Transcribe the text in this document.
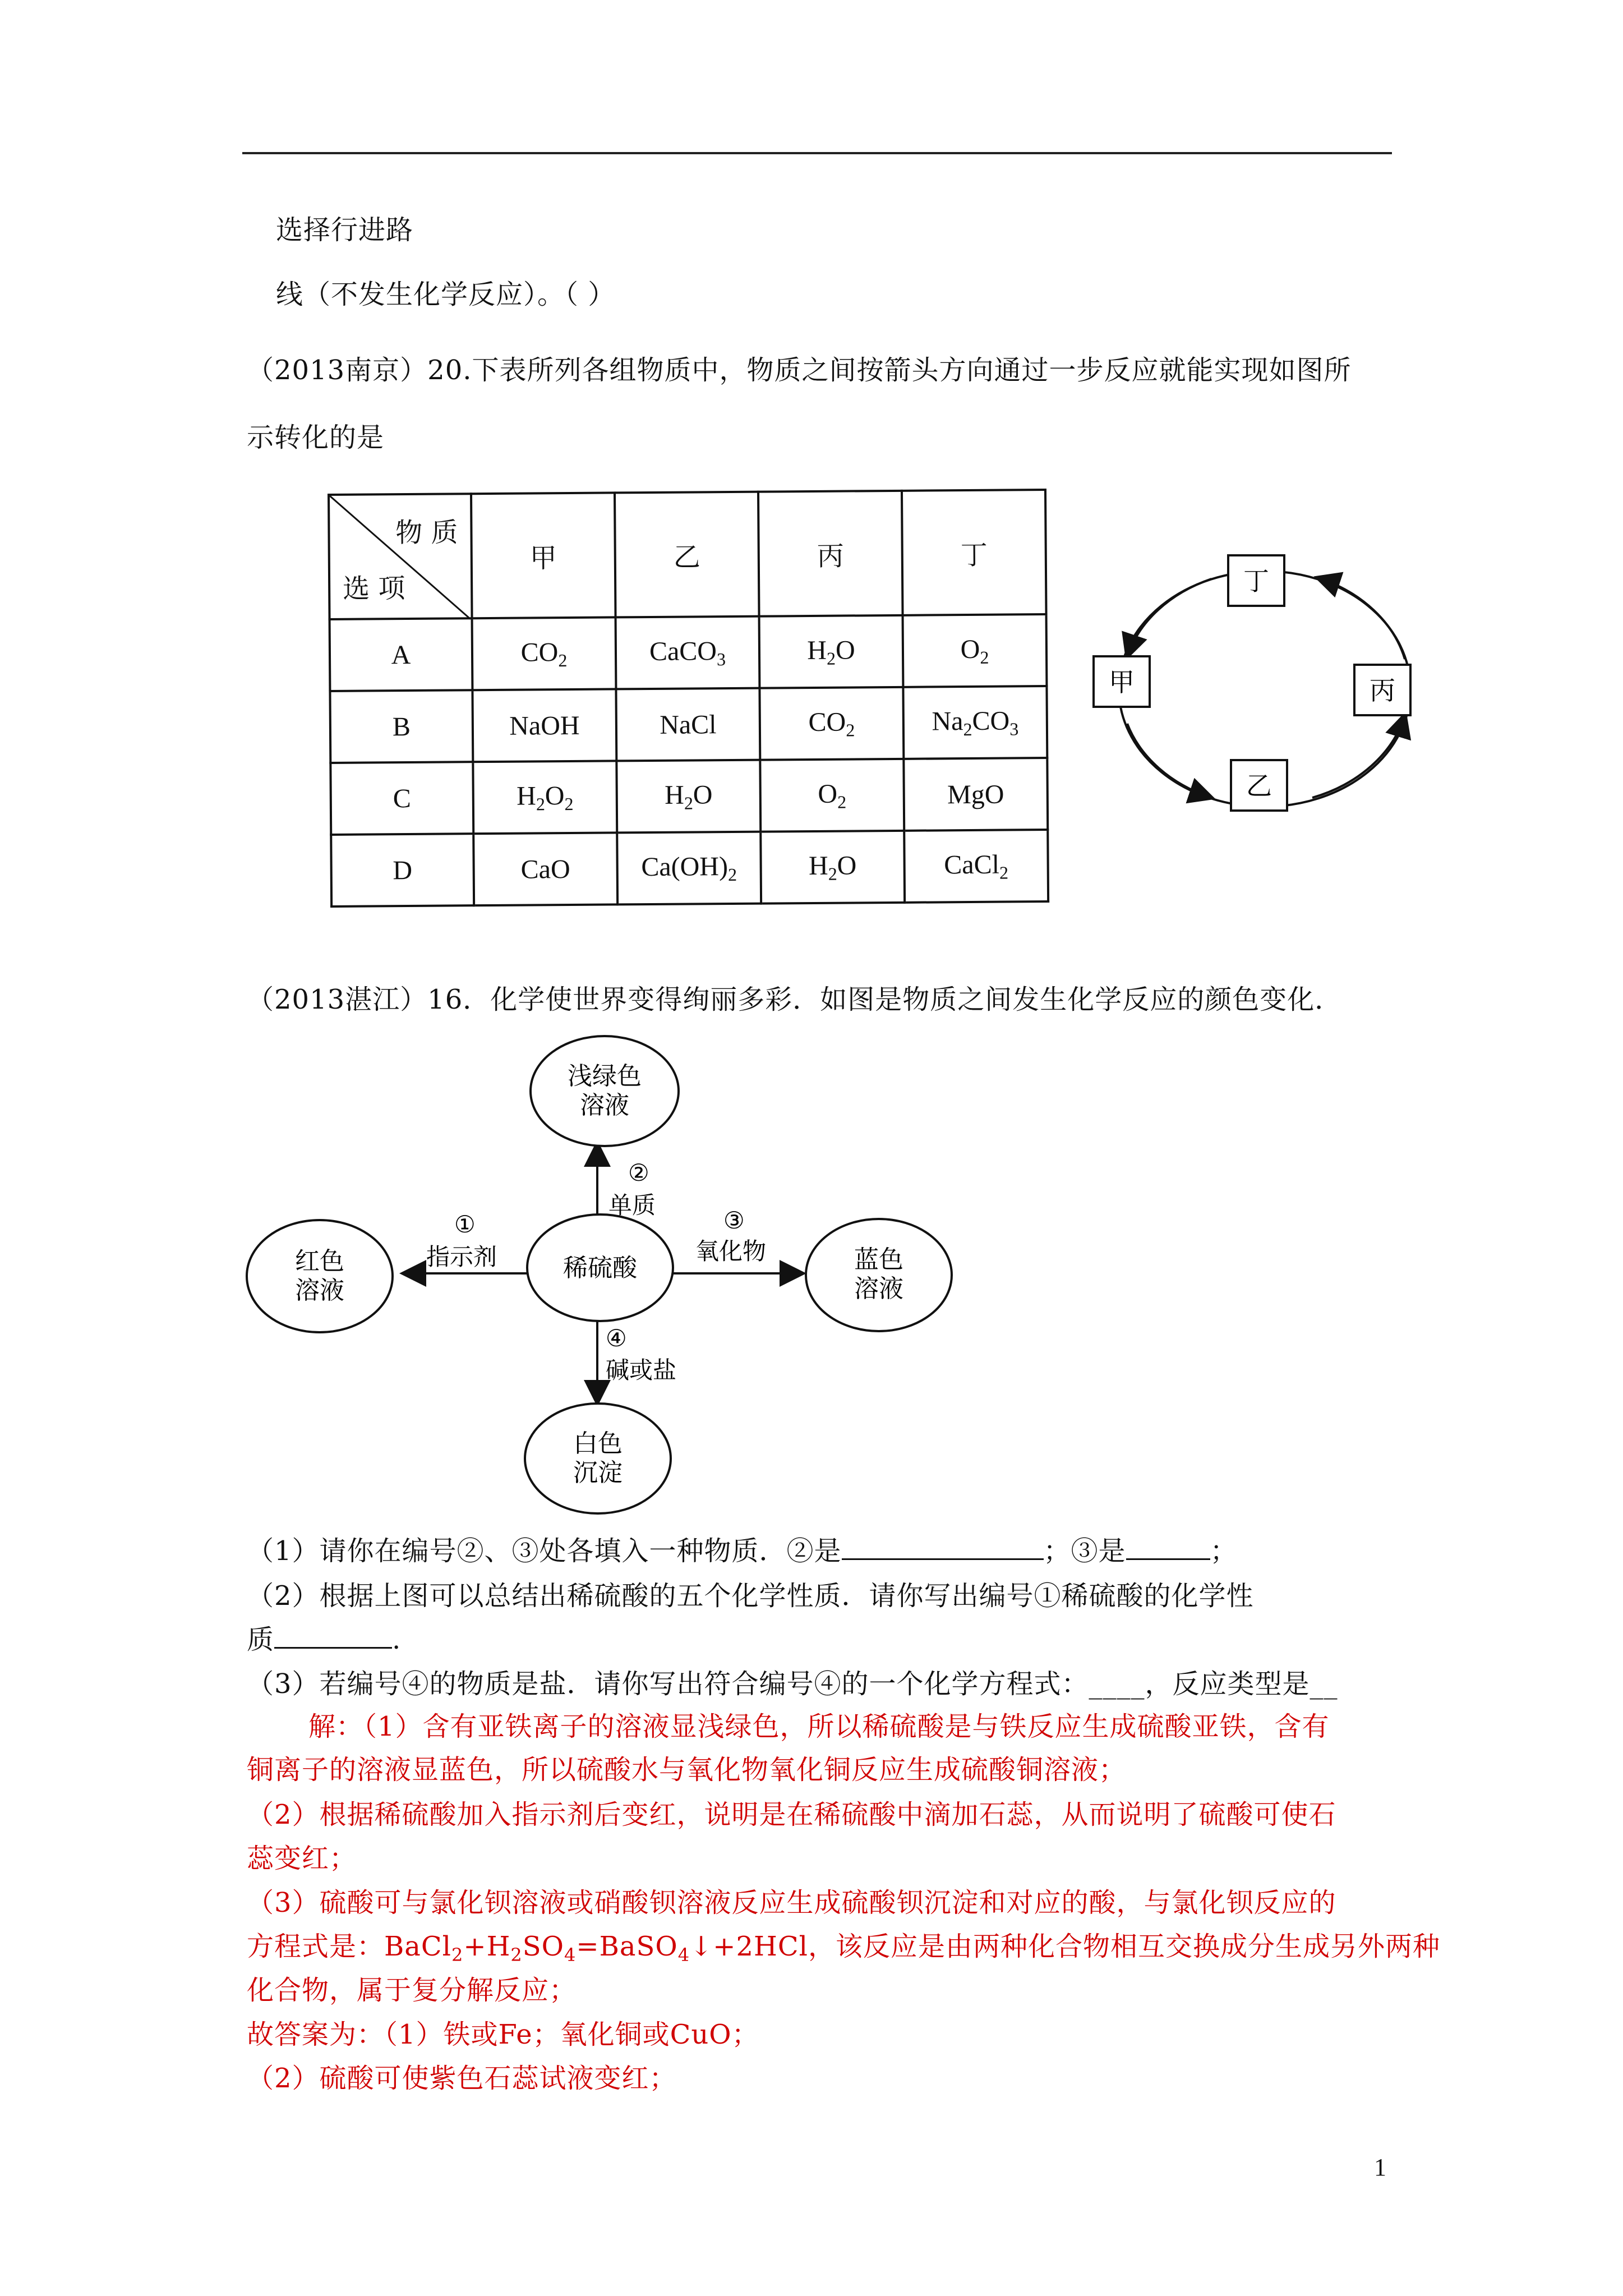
选择行进路
线（不发生化学反应）。（ ）
（2013南京）20.下表所列各组物质中，物质之间按箭头方向通过一步反应就能实现如图所
示转化的是
物 质
选 项	甲	乙	丙	丁
A	$CO_2$	CaCO$_3$	$H_2O$	$O_2$
B	NaOH	NaCl	$CO_2$	$Na_2CO_3$
C	$H_2O_2$	$H_2O$	$O_2$	MgO
D	CaO	$Ca(OH)_2$	$H_2O$	CaCl$_2$
丁
甲	丙
乙
（2013湛江）16．化学使世界变得绚丽多彩．如图是物质之间发生化学反应的颜色变化．
稀硫酸
浅绿色
溶液
红色
溶液
蓝色
溶液
白色
沉淀
②
单质
①
指示剂
③
氧化物
④
碱或盐
（1）请你在编号②、③处各填入一种物质．②是	；③是	；
（2）根据上图可以总结出稀硫酸的五个化学性质．请你写出编号①稀硫酸的化学性
质	.
（3）若编号④的物质是盐．请你写出符合编号④的一个化学方程式：____，反应类型是__
解：（1）含有亚铁离子的溶液显浅绿色，所以稀硫酸是与铁反应生成硫酸亚铁，含有
铜离子的溶液显蓝色，所以硫酸水与氧化物氧化铜反应生成硫酸铜溶液；
（2）根据稀硫酸加入指示剂后变红，说明是在稀硫酸中滴加石蕊，从而说明了硫酸可使石
蕊变红；
（3）硫酸可与氯化钡溶液或硝酸钡溶液反应生成硫酸钡沉淀和对应的酸，与氯化钡反应的
方程式是：$BaCl_2+H_2SO_4=BaSO_4↓+2HCl$，该反应是由两种化合物相互交换成分生成另外两种
化合物，属于复分解反应；
故答案为：（1）铁或Fe；氧化铜或CuO；
（2）硫酸可使紫色石蕊试液变红；
1
